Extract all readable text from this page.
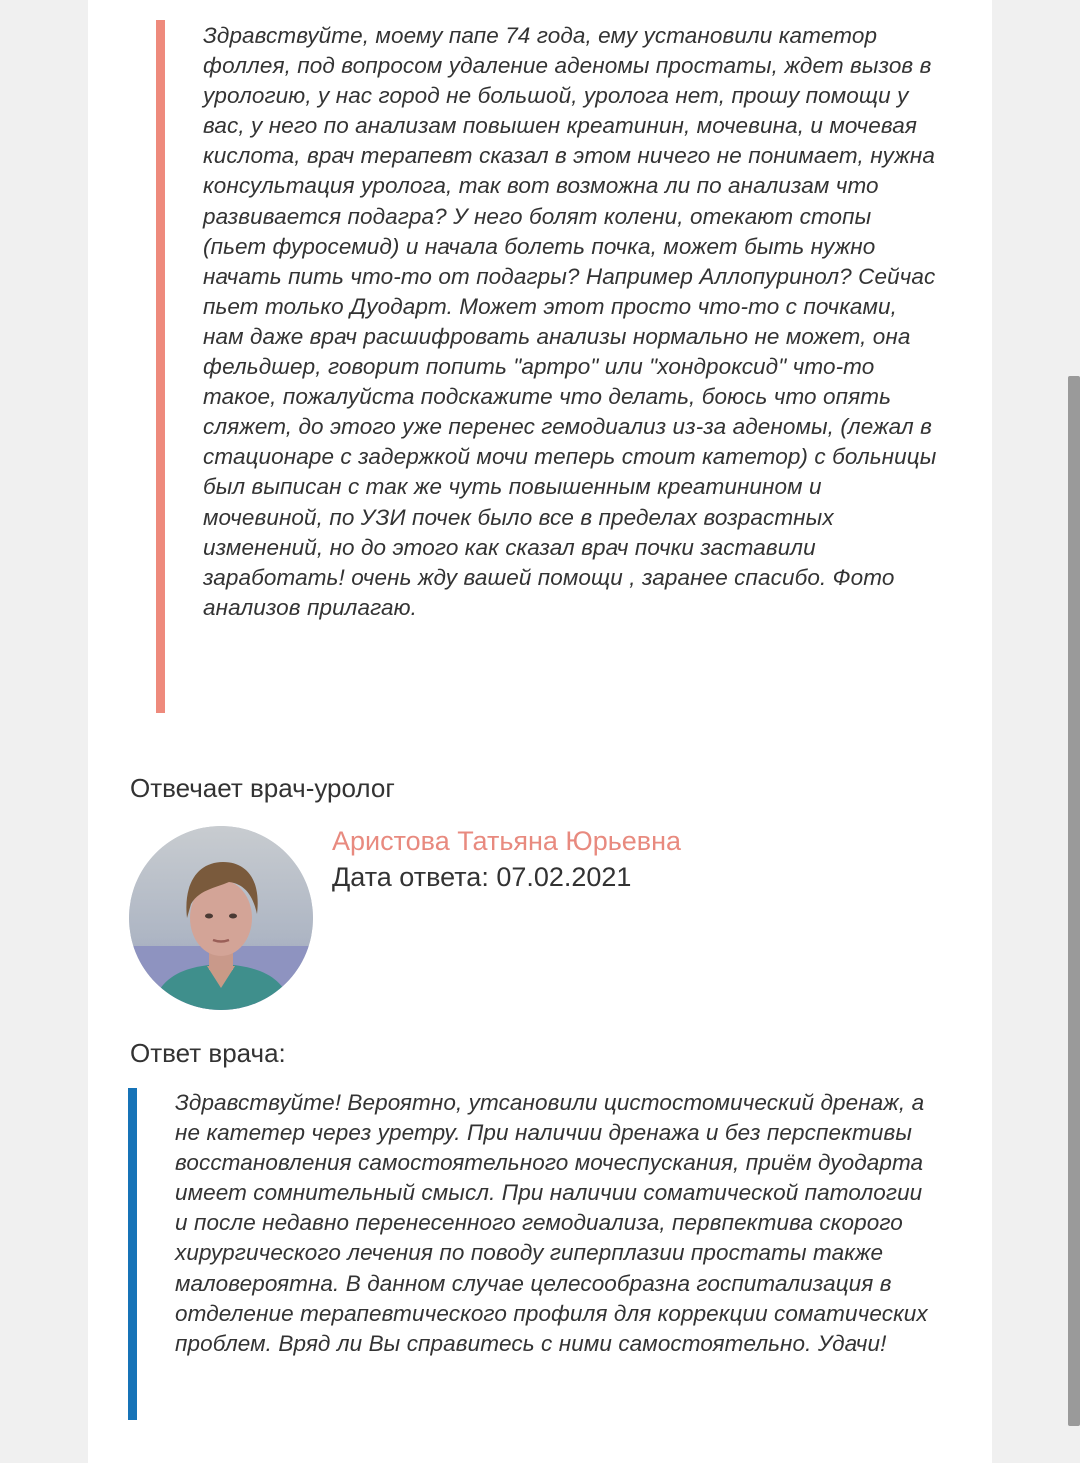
Здравствуйте, моему папе 74 года, ему установили катетор фоллея, под вопросом удаление аденомы простаты, ждет вызов в урологию, у нас город не большой, уролога нет, прошу помощи у вас, у него по анализам повышен креатинин, мочевина, и мочевая кислота, врач терапевт сказал в этом ничего не понимает, нужна консультация уролога, так вот возможна ли по анализам что развивается подагра? У него болят колени, отекают стопы (пьет фуросемид) и начала болеть почка, может быть нужно начать пить что-то от подагры? Например Аллопуринол? Сейчас пьет только Дуодарт. Может этот просто что-то с почками, нам даже врач расшифровать анализы нормально не может, она фельдшер, говорит попить "артро" или "хондроксид" что-то такое, пожалуйста подскажите что делать, боюсь что опять сляжет, до этого уже перенес гемодиализ из-за аденомы, (лежал в стационаре с задержкой мочи теперь стоит катетор) с больницы был выписан с так же чуть повышенным креатинином и мочевиной, по УЗИ почек было все в пределах возрастных изменений, но до этого как сказал врач почки заставили заработать! очень жду вашей помощи , заранее спасибо. Фото анализов прилагаю.

Отвечает врач-уролог

Аристова Татьяна Юрьевна

Дата ответа: 07.02.2021

Ответ врача:

Здравствуйте! Вероятно, утсановили цистостомический дренаж, а не катетер через уретру. При наличии дренажа и без перспективы восстановления самостоятельного мочеспускания, приём дуодарта имеет сомнительный смысл. При наличии соматической патологии и после недавно перенесенного гемодиализа, первпектива скорого хирургического лечения по поводу гиперплазии простаты также маловероятна. В данном случае целесообразна госпитализация в отделение терапевтического профиля для коррекции соматических проблем. Вряд ли Вы справитесь с ними самостоятельно. Удачи!
